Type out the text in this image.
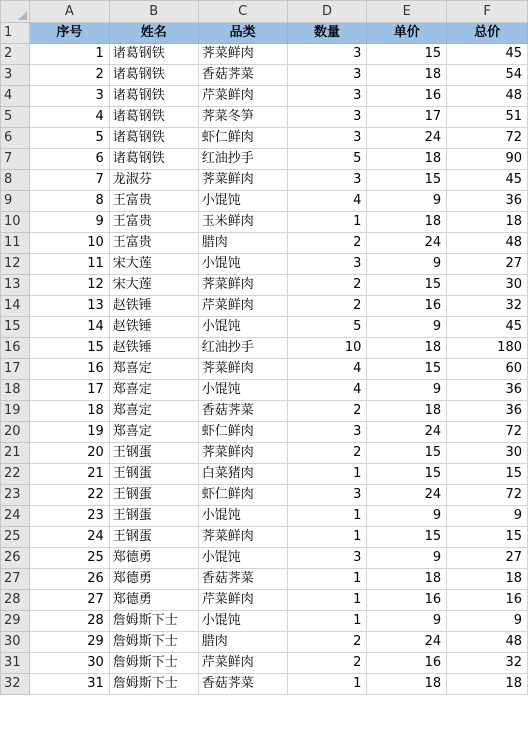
	A	B	C	D	E	F
1	序号	姓名	品类	数量	单价	总价
2	1	诸葛钢铁	荠菜鲜肉	3	15	45
3	2	诸葛钢铁	香菇荠菜	3	18	54
4	3	诸葛钢铁	芹菜鲜肉	3	16	48
5	4	诸葛钢铁	荠菜冬笋	3	17	51
6	5	诸葛钢铁	虾仁鲜肉	3	24	72
7	6	诸葛钢铁	红油抄手	5	18	90
8	7	龙淑芬	荠菜鲜肉	3	15	45
9	8	王富贵	小馄饨	4	9	36
10	9	王富贵	玉米鲜肉	1	18	18
11	10	王富贵	腊肉	2	24	48
12	11	宋大莲	小馄饨	3	9	27
13	12	宋大莲	荠菜鲜肉	2	15	30
14	13	赵铁锤	芹菜鲜肉	2	16	32
15	14	赵铁锤	小馄饨	5	9	45
16	15	赵铁锤	红油抄手	10	18	180
17	16	郑喜定	荠菜鲜肉	4	15	60
18	17	郑喜定	小馄饨	4	9	36
19	18	郑喜定	香菇荠菜	2	18	36
20	19	郑喜定	虾仁鲜肉	3	24	72
21	20	王钢蛋	荠菜鲜肉	2	15	30
22	21	王钢蛋	白菜猪肉	1	15	15
23	22	王钢蛋	虾仁鲜肉	3	24	72
24	23	王钢蛋	小馄饨	1	9	9
25	24	王钢蛋	荠菜鲜肉	1	15	15
26	25	郑德勇	小馄饨	3	9	27
27	26	郑德勇	香菇荠菜	1	18	18
28	27	郑德勇	芹菜鲜肉	1	16	16
29	28	詹姆斯下士	小馄饨	1	9	9
30	29	詹姆斯下士	腊肉	2	24	48
31	30	詹姆斯下士	芹菜鲜肉	2	16	32
32	31	詹姆斯下士	香菇荠菜	1	18	18
